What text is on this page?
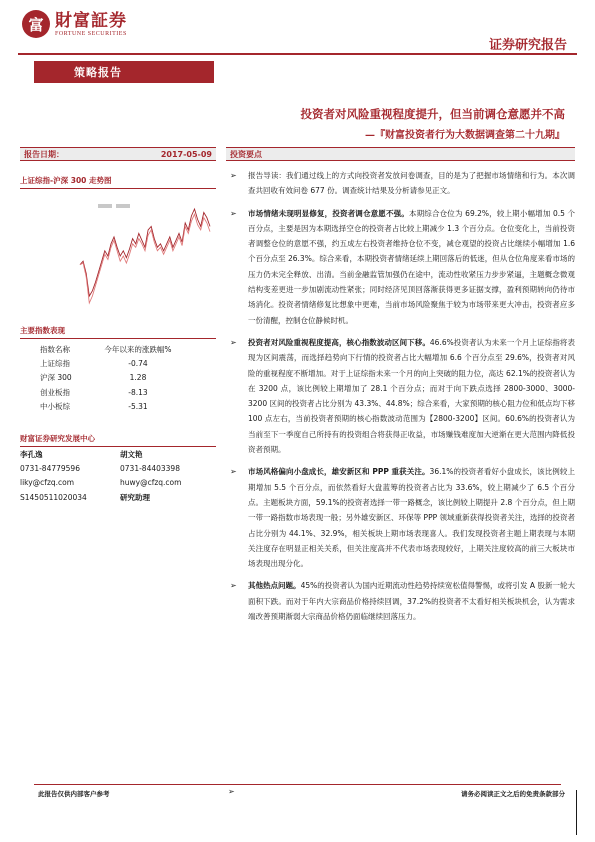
富 財富証券
FORTUNE SECURITIES
证券研究报告
策略报告
投资者对风险重视程度提升，但当前调仓意愿并不高
—『财富投资者行为大数据调查第二十九期』
报告日期：	2017-05-09
上证综指-沪深 300 走势图
主要指数表现
指数名称	今年以来的涨跌幅%
上证综指	-0.74
沪深 300	1.28
创业板指	-8.13
中小板综	-5.31
财富证券研究发展中心
李孔逸	胡文艳
0731-84779596	0731-84403398
liky@cfzq.com	huwy@cfzq.com
S1450511020034	研究助理
投资要点
➢ 报告导读：我们通过线上的方式向投资者发放问卷调查，目的是为了把握市场情绪和行为。本次调查共回收有效问卷 677 份。调查统计结果及分析请参见正文。
➢ 市场情绪未现明显修复，投资者调仓意愿不强。本期综合仓位为 69.2%，较上期小幅增加 0.5 个百分点，主要是因为本期选择空仓的投资者占比较上期减少 1.3 个百分点。仓位变化上，当前投资者调整仓位的意愿不强，约五成左右投资者维持仓位不变，减仓观望的投资占比继续小幅增加 1.6 个百分点至 26.3%。综合来看，本期投资者情绪延续上期回落后的低迷，但从仓位角度来看市场的压力仍未完全释放、出清。当前金融监管加强仍在途中，流动性收紧压力步步紧逼，主题概念微观结构变差更进一步加剧流动性紧张；同时经济见顶回落渐获得更多证据支撑，盈利预期转向仍待市场消化。投资者情绪修复比想象中更难，当前市场风险聚焦于较为市场带来更大冲击，投资者应多一份清醒，控制仓位静候时机。
➢ 投资者对风险重视程度提高，核心指数波动区间下移。46.6%投资者认为未来一个月上证综指将表现为区间震荡，而选择趋势向下行情的投资者占比大幅增加 6.6 个百分点至 29.6%，投资者对风险的重视程度不断增加。对于上证综指未来一个月的向上突破的阻力位，高达 62.1%的投资者认为在 3200 点，该比例较上期增加了 28.1 个百分点；而对于向下跌点选择 2800-3000、3000-3200 区间的投资者占比分别为 43.3%、44.8%；综合来看，大家预期的核心阻力位和低点均下移 100 点左右，当前投资者预期的核心指数波动范围为【2800-3200】区间。60.6%的投资者认为当前至下一季度自己所持有的投资组合将获得正收益，市场赚钱难度加大逆渐在更大范围内降低投资者预期。
➢ 市场风格偏向小盘成长，雄安新区和 PPP 重获关注。36.1%的投资者看好小盘成长，该比例较上期增加 5.5 个百分点，而依然看好大盘蓝筹的投资者占比为 33.6%，较上期减少了 6.5 个百分点。主题板块方面，59.1%的投资者选择一带一路概念，该比例较上期提升 2.8 个百分点，但上期一带一路指数市场表现一般；另外雄安新区、环保等 PPP 领域重新获得投资者关注，选择的投资者占比分别为 44.1%、32.9%，相关板块上期市场表现喜人。我们发现投资者主题上期表现与本期关注度存在明显正相关关系，但关注度高并不代表市场表现较好，上期关注度较高的前三大板块市场表现出现分化。
➢ 其他热点问题。45%的投资者认为国内近期流动性趋势持续宽松值得警惕，或将引发 A 股新一轮大面积下跌。而对于年内大宗商品价格持续回调，37.2%的投资者不太看好相关板块机会，认为需求端改善预期渐弱大宗商品价格仍面临继续回落压力。
此报告仅供内部客户参考	➢	请务必阅读正文之后的免责条款部分
